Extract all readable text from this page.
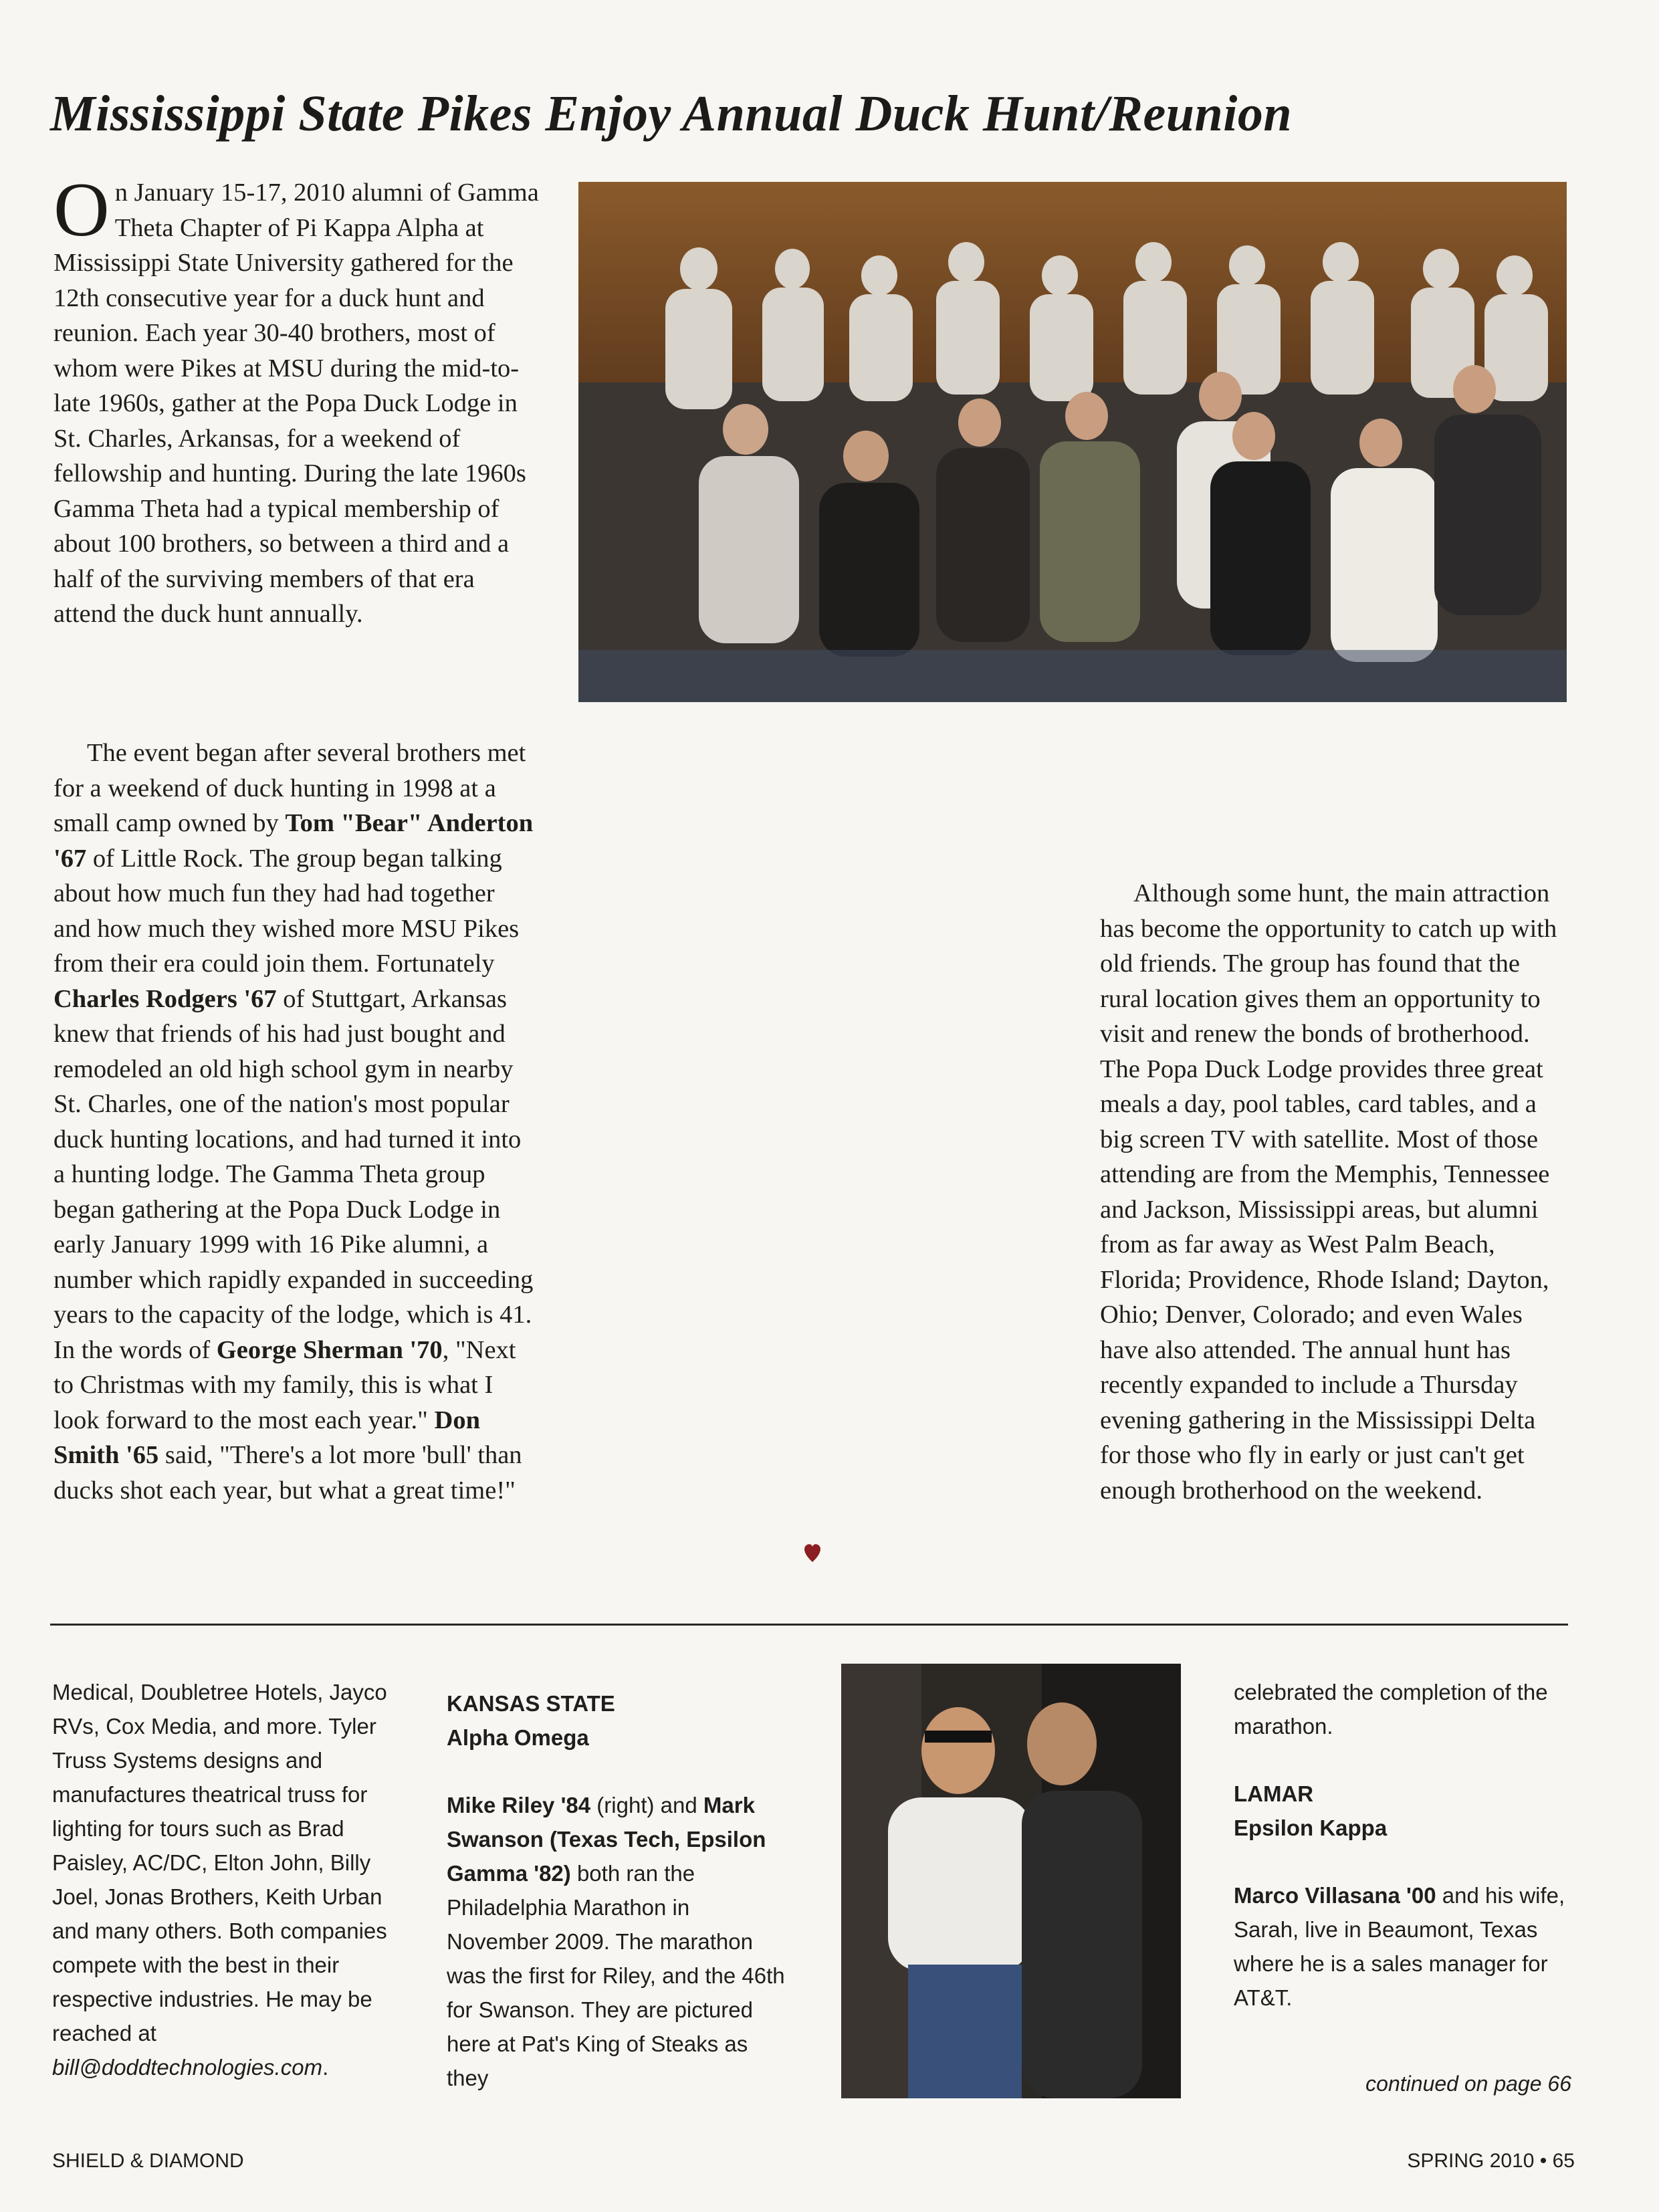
Mississippi State Pikes Enjoy Annual Duck Hunt/Reunion

On January 15-17, 2010 alumni of Gamma Theta Chapter of Pi Kappa Alpha at Mississippi State University gathered for the 12th consecutive year for a duck hunt and reunion. Each year 30-40 brothers, most of whom were Pikes at MSU during the mid-to-late 1960s, gather at the Popa Duck Lodge in St. Charles, Arkansas, for a weekend of fellowship and hunting. During the late 1960s Gamma Theta had a typical membership of about 100 brothers, so between a third and a half of the surviving members of that era attend the duck hunt annually.

The event began after several brothers met for a weekend of duck hunting in 1998 at a small camp owned by Tom "Bear" Anderton '67 of Little Rock. The group began talking about how much fun they had had together and how much they wished more MSU Pikes from their era could join them. Fortunately Charles Rodgers '67 of Stuttgart, Arkansas knew that friends of his had just bought and remodeled an old high school gym in nearby St. Charles, one of the nation's most popular duck hunting locations, and had turned it into a hunting lodge. The Gamma Theta group began gathering at the Popa Duck Lodge in early January 1999 with 16 Pike alumni, a number which rapidly expanded in succeeding years to the capacity of the lodge, which is 41. In the words of George Sherman '70, "Next to Christmas with my family, this is what I look forward to the most each year." Don Smith '65 said, "There's a lot more 'bull' than ducks shot each year, but what a great time!"

Although some hunt, the main attraction has become the opportunity to catch up with old friends. The group has found that the rural location gives them an opportunity to visit and renew the bonds of brotherhood. The Popa Duck Lodge provides three great meals a day, pool tables, card tables, and a big screen TV with satellite. Most of those attending are from the Memphis, Tennessee and Jackson, Mississippi areas, but alumni from as far away as West Palm Beach, Florida; Providence, Rhode Island; Dayton, Ohio; Denver, Colorado; and even Wales have also attended. The annual hunt has recently expanded to include a Thursday evening gathering in the Mississippi Delta for those who fly in early or just can't get enough brotherhood on the weekend.

Medical, Doubletree Hotels, Jayco RVs, Cox Media, and more. Tyler Truss Systems designs and manufactures theatrical truss for lighting for tours such as Brad Paisley, AC/DC, Elton John, Billy Joel, Jonas Brothers, Keith Urban and many others. Both companies compete with the best in their respective industries. He may be reached at bill@doddtechnologies.com.

KANSAS STATE

Alpha Omega

Mike Riley '84 (right) and Mark Swanson (Texas Tech, Epsilon Gamma '82) both ran the Philadelphia Marathon in November 2009. The marathon was the first for Riley, and the 46th for Swanson. They are pictured here at Pat's King of Steaks as they

celebrated the completion of the marathon.

LAMAR

Epsilon Kappa

Marco Villasana '00 and his wife, Sarah, live in Beaumont, Texas where he is a sales manager for AT&T.

continued on page 66
SHIELD & DIAMOND	SPRING 2010 • 65
